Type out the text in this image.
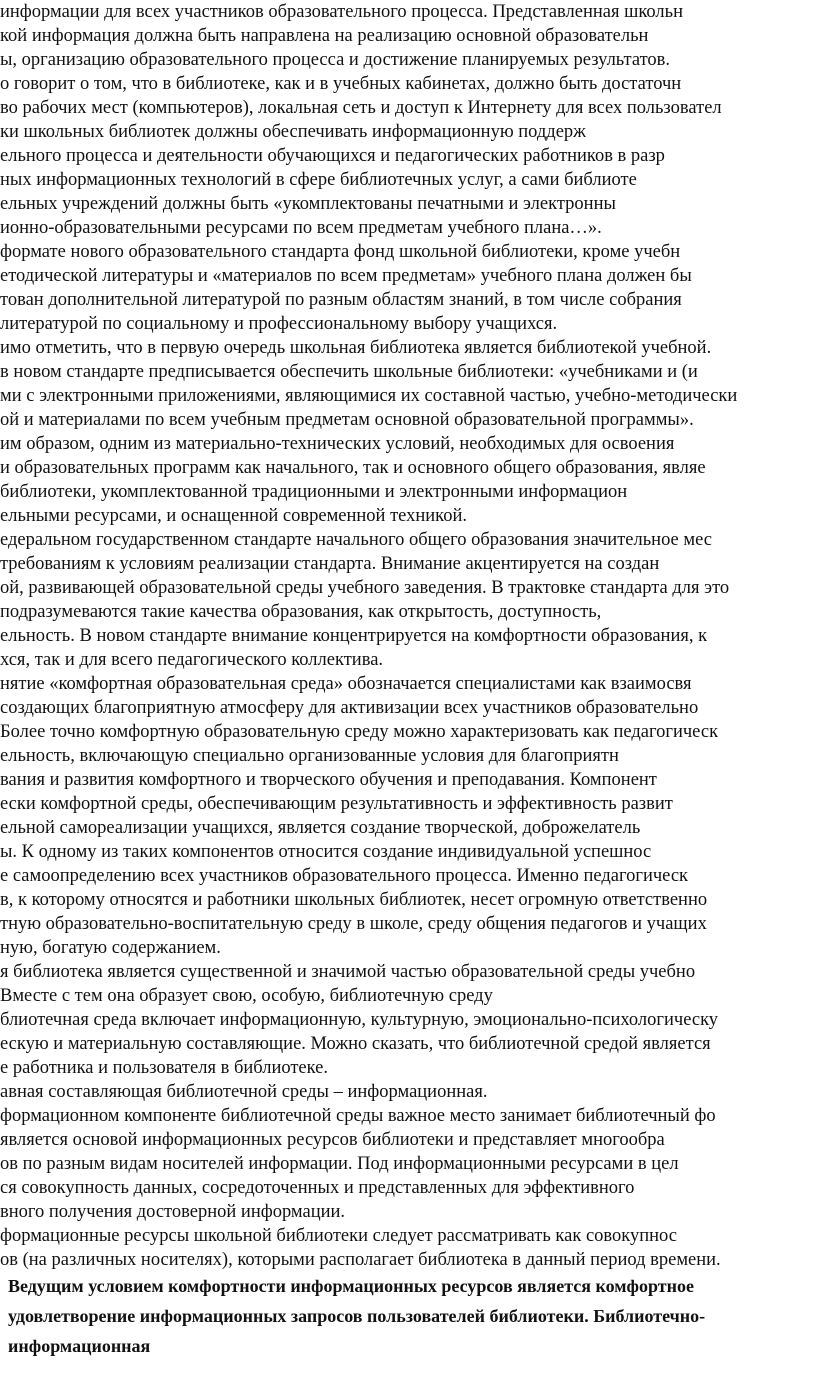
информации для всех участников образовательного процесса. Представленная школьн
кой информация должна быть направлена на реализацию основной образовательн
ы, организацию образовательного процесса и достижение планируемых результатов.
о говорит о том, что в библиотеке, как и в учебных кабинетах, должно быть достаточн
во рабочих мест (компьютеров), локальная сеть и доступ к Интернету для всех пользовател
ки школьных библиотек должны обеспечивать информационную поддерж
ельного процесса и деятельности обучающихся и педагогических работников в разр
ных информационных технологий в сфере библиотечных услуг, а сами библиоте
ельных учреждений должны быть «укомплектованы печатными и электронны
ионно-образовательными ресурсами по всем предметам учебного плана…».
формате нового образовательного стандарта фонд школьной библиотеки, кроме учебн
етодической литературы и «материалов по всем предметам» учебного плана должен бы
тован дополнительной литературой по разным областям знаний, в том числе собрания
литературой по социальному и профессиональному выбору учащихся.
имо отметить, что в первую очередь школьная библиотека является библиотекой учебной.
в новом стандарте предписывается обеспечить школьные библиотеки: «учебниками и (и
ми с электронными приложениями, являющимися их составной частью, учебно-методически
ой и материалами по всем учебным предметам основной образовательной программы».
им образом, одним из материально-технических условий, необходимых для освоения
и образовательных программ как начального, так и основного общего образования, являе
библиотеки, укомплектованной традиционными и электронными информацион
ельными ресурсами, и оснащенной современной техникой.
едеральном государственном стандарте начального общего образования значительное мес
требованиям к условиям реализации стандарта. Внимание акцентируется на создан
ой, развивающей образовательной среды учебного заведения. В трактовке стандарта для это
подразумеваются такие качества образования, как открытость, доступность,
ельность. В новом стандарте внимание концентрируется на комфортности образования, к
хся, так и для всего педагогического коллектива.
нятие «комфортная образовательная среда» обозначается специалистами как взаимосвя
создающих благоприятную атмосферу для активизации всех участников образовательно
Более точно комфортную образовательную среду можно характеризовать как педагогическ
ельность, включающую специально организованные условия для благоприятн
вания и развития комфортного и творческого обучения и преподавания. Компонент
ески комфортной среды, обеспечивающим результативность и эффективность развит
ельной самореализации учащихся, является создание творческой, доброжелатель
ы. К одному из таких компонентов относится создание индивидуальной успешнос
е самоопределению всех участников образовательного процесса. Именно педагогическ
в, к которому относятся и работники школьных библиотек, несет огромную ответственно
тную образовательно-воспитательную среду в школе, среду общения педагогов и учащих
ную, богатую содержанием.
я библиотека является существенной и значимой частью образовательной среды учебно
Вместе с тем она образует свою, особую, библиотечную среду
блиотечная среда включает информационную, культурную, эмоционально-психологическу
ескую и материальную составляющие. Можно сказать, что библиотечной средой является
е работника и пользователя в библиотеке.
авная составляющая библиотечной среды – информационная.
формационном компоненте библиотечной среды важное место занимает библиотечный фо
является основой информационных ресурсов библиотеки и представляет многообра
ов по разным видам носителей информации. Под информационными ресурсами в цел
ся совокупность данных, сосредоточенных и представленных для эффективного
вного получения достоверной информации.
формационные ресурсы школьной библиотеки следует рассматривать как совокупнос
ов (на различных носителях), которыми располагает библиотека в данный период времени.
Ведущим условием комфортности информационных ресурсов является комфортное
удовлетворение информационных запросов пользователей библиотеки. Библиотечно-
информационная
